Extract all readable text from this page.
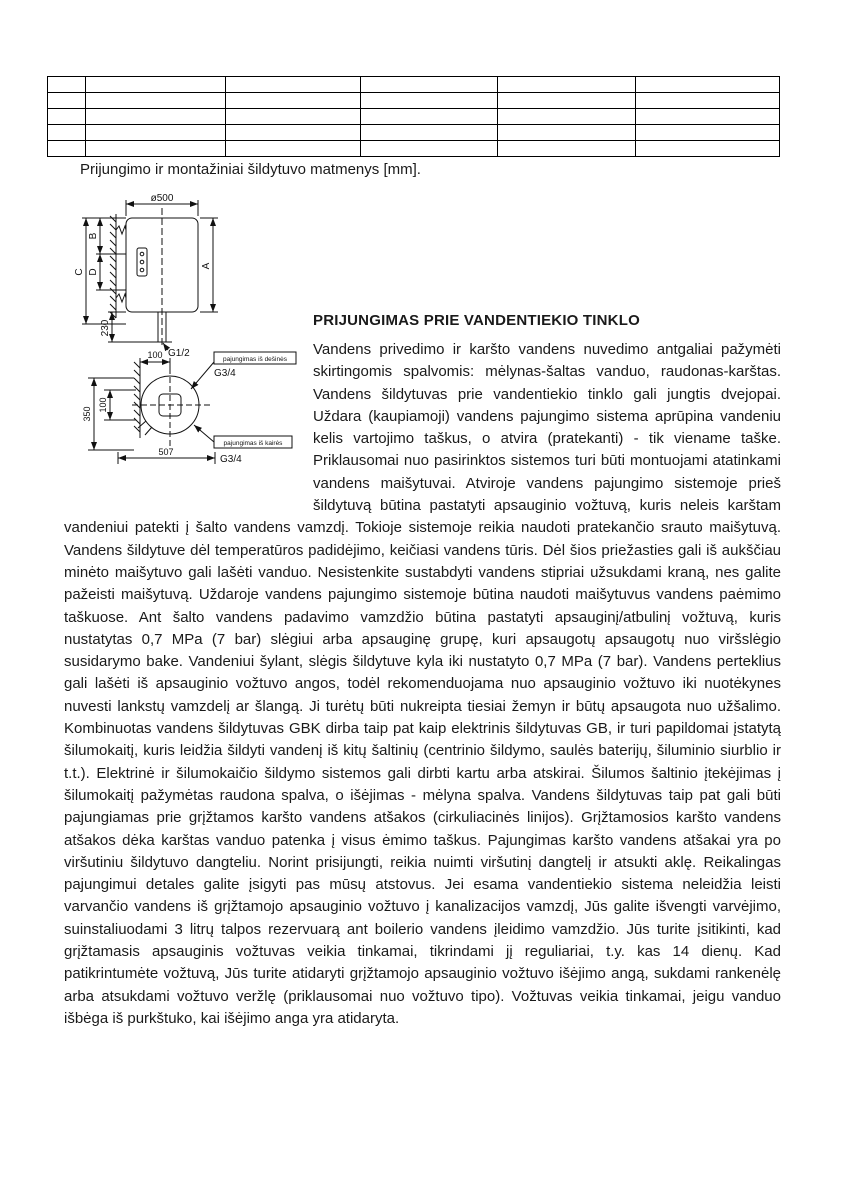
Prijungimo ir montažiniai šildytuvo matmenys [mm].
ø500
B
D
C
A
230
G1/2
100	pajungimas iš dešinės
G3/4
350
100
507
pajungimas iš kairės
G3/4
PRIJUNGIMAS PRIE VANDENTIEKIO TINKLO

Vandens privedimo ir karšto vandens nuvedimo antgaliai pažymėti skirtingomis spalvomis: mėlynas-šaltas vanduo, raudonas-karštas. Vandens šildytuvas prie vandentiekio tinklo gali jungtis dvejopai. Uždara (kaupiamoji) vandens pajungimo sistema aprūpina vandeniu kelis vartojimo taškus, o atvira (pratekanti) - tik viename taške. Priklausomai nuo pasirinktos sistemos turi būti montuojami atatinkami vandens maišytuvai. Atviroje vandens pajungimo sistemoje prieš šildytuvą būtina pastatyti apsauginio vožtuvą, kuris neleis karštam vandeniui patekti į šalto vandens vamzdį. Tokioje sistemoje reikia naudoti pratekančio srauto maišytuvą. Vandens šildytuve dėl temperatūros padidėjimo, keičiasi vandens tūris. Dėl šios priežasties gali iš aukščiau minėto maišytuvo gali lašėti vanduo. Nesistenkite sustabdyti vandens stipriai užsukdami kraną, nes galite pažeisti maišytuvą. Uždaroje vandens pajungimo sistemoje būtina naudoti maišytuvus vandens paėmimo taškuose. Ant šalto vandens padavimo vamzdžio būtina pastatyti apsauginį/atbulinį vožtuvą, kuris nustatytas 0,7 MPa (7 bar) slėgiui arba apsauginę grupę, kuri apsaugotų apsaugotų nuo viršslėgio susidarymo bake. Vandeniui šylant, slėgis šildytuve kyla iki nustatyto 0,7 MPa (7 bar). Vandens perteklius gali lašėti iš apsauginio vožtuvo angos, todėl rekomenduojama nuo apsauginio vožtuvo iki nuotėkynes nuvesti lankstų vamzdelį ar šlangą. Ji turėtų būti nukreipta tiesiai žemyn ir būtų apsaugota nuo užšalimo. Kombinuotas vandens šildytuvas GBK dirba taip pat kaip elektrinis šildytuvas GB, ir turi papildomai įstatytą šilumokaitį, kuris leidžia šildyti vandenį iš kitų šaltinių (centrinio šildymo, saulės baterijų, šiluminio siurblio ir t.t.). Elektrinė ir šilumokaičio šildymo sistemos gali dirbti kartu arba atskirai. Šilumos šaltinio įtekėjimas į šilumokaitį pažymėtas raudona spalva, o išėjimas - mėlyna spalva. Vandens šildytuvas taip pat gali būti pajungiamas prie grįžtamos karšto vandens atšakos (cirkuliacinės linijos). Grįžtamosios karšto vandens atšakos dėka karštas vanduo patenka į visus ėmimo taškus. Pajungimas karšto vandens atšakai yra po viršutiniu šildytuvo dangteliu. Norint prisijungti, reikia nuimti viršutinį dangtelį ir atsukti aklę. Reikalingas pajungimui detales galite įsigyti pas mūsų atstovus. Jei esama vandentiekio sistema neleidžia leisti varvančio vandens iš grįžtamojo apsauginio vožtuvo į kanalizacijos vamzdį, Jūs galite išvengti varvėjimo, suinstaliuodami 3 litrų talpos rezervuarą ant boilerio vandens įleidimo vamzdžio. Jūs turite įsitikinti, kad grįžtamasis apsauginis vožtuvas veikia tinkamai, tikrindami jį reguliariai, t.y. kas 14 dienų. Kad patikrintumėte vožtuvą, Jūs turite atidaryti grįžtamojo apsauginio vožtuvo išėjimo angą, sukdami rankenėlę arba atsukdami vožtuvo veržlę (priklausomai nuo vožtuvo tipo). Vožtuvas veikia tinkamai, jeigu vanduo išbėga iš purkštuko, kai išėjimo anga yra atidaryta.
